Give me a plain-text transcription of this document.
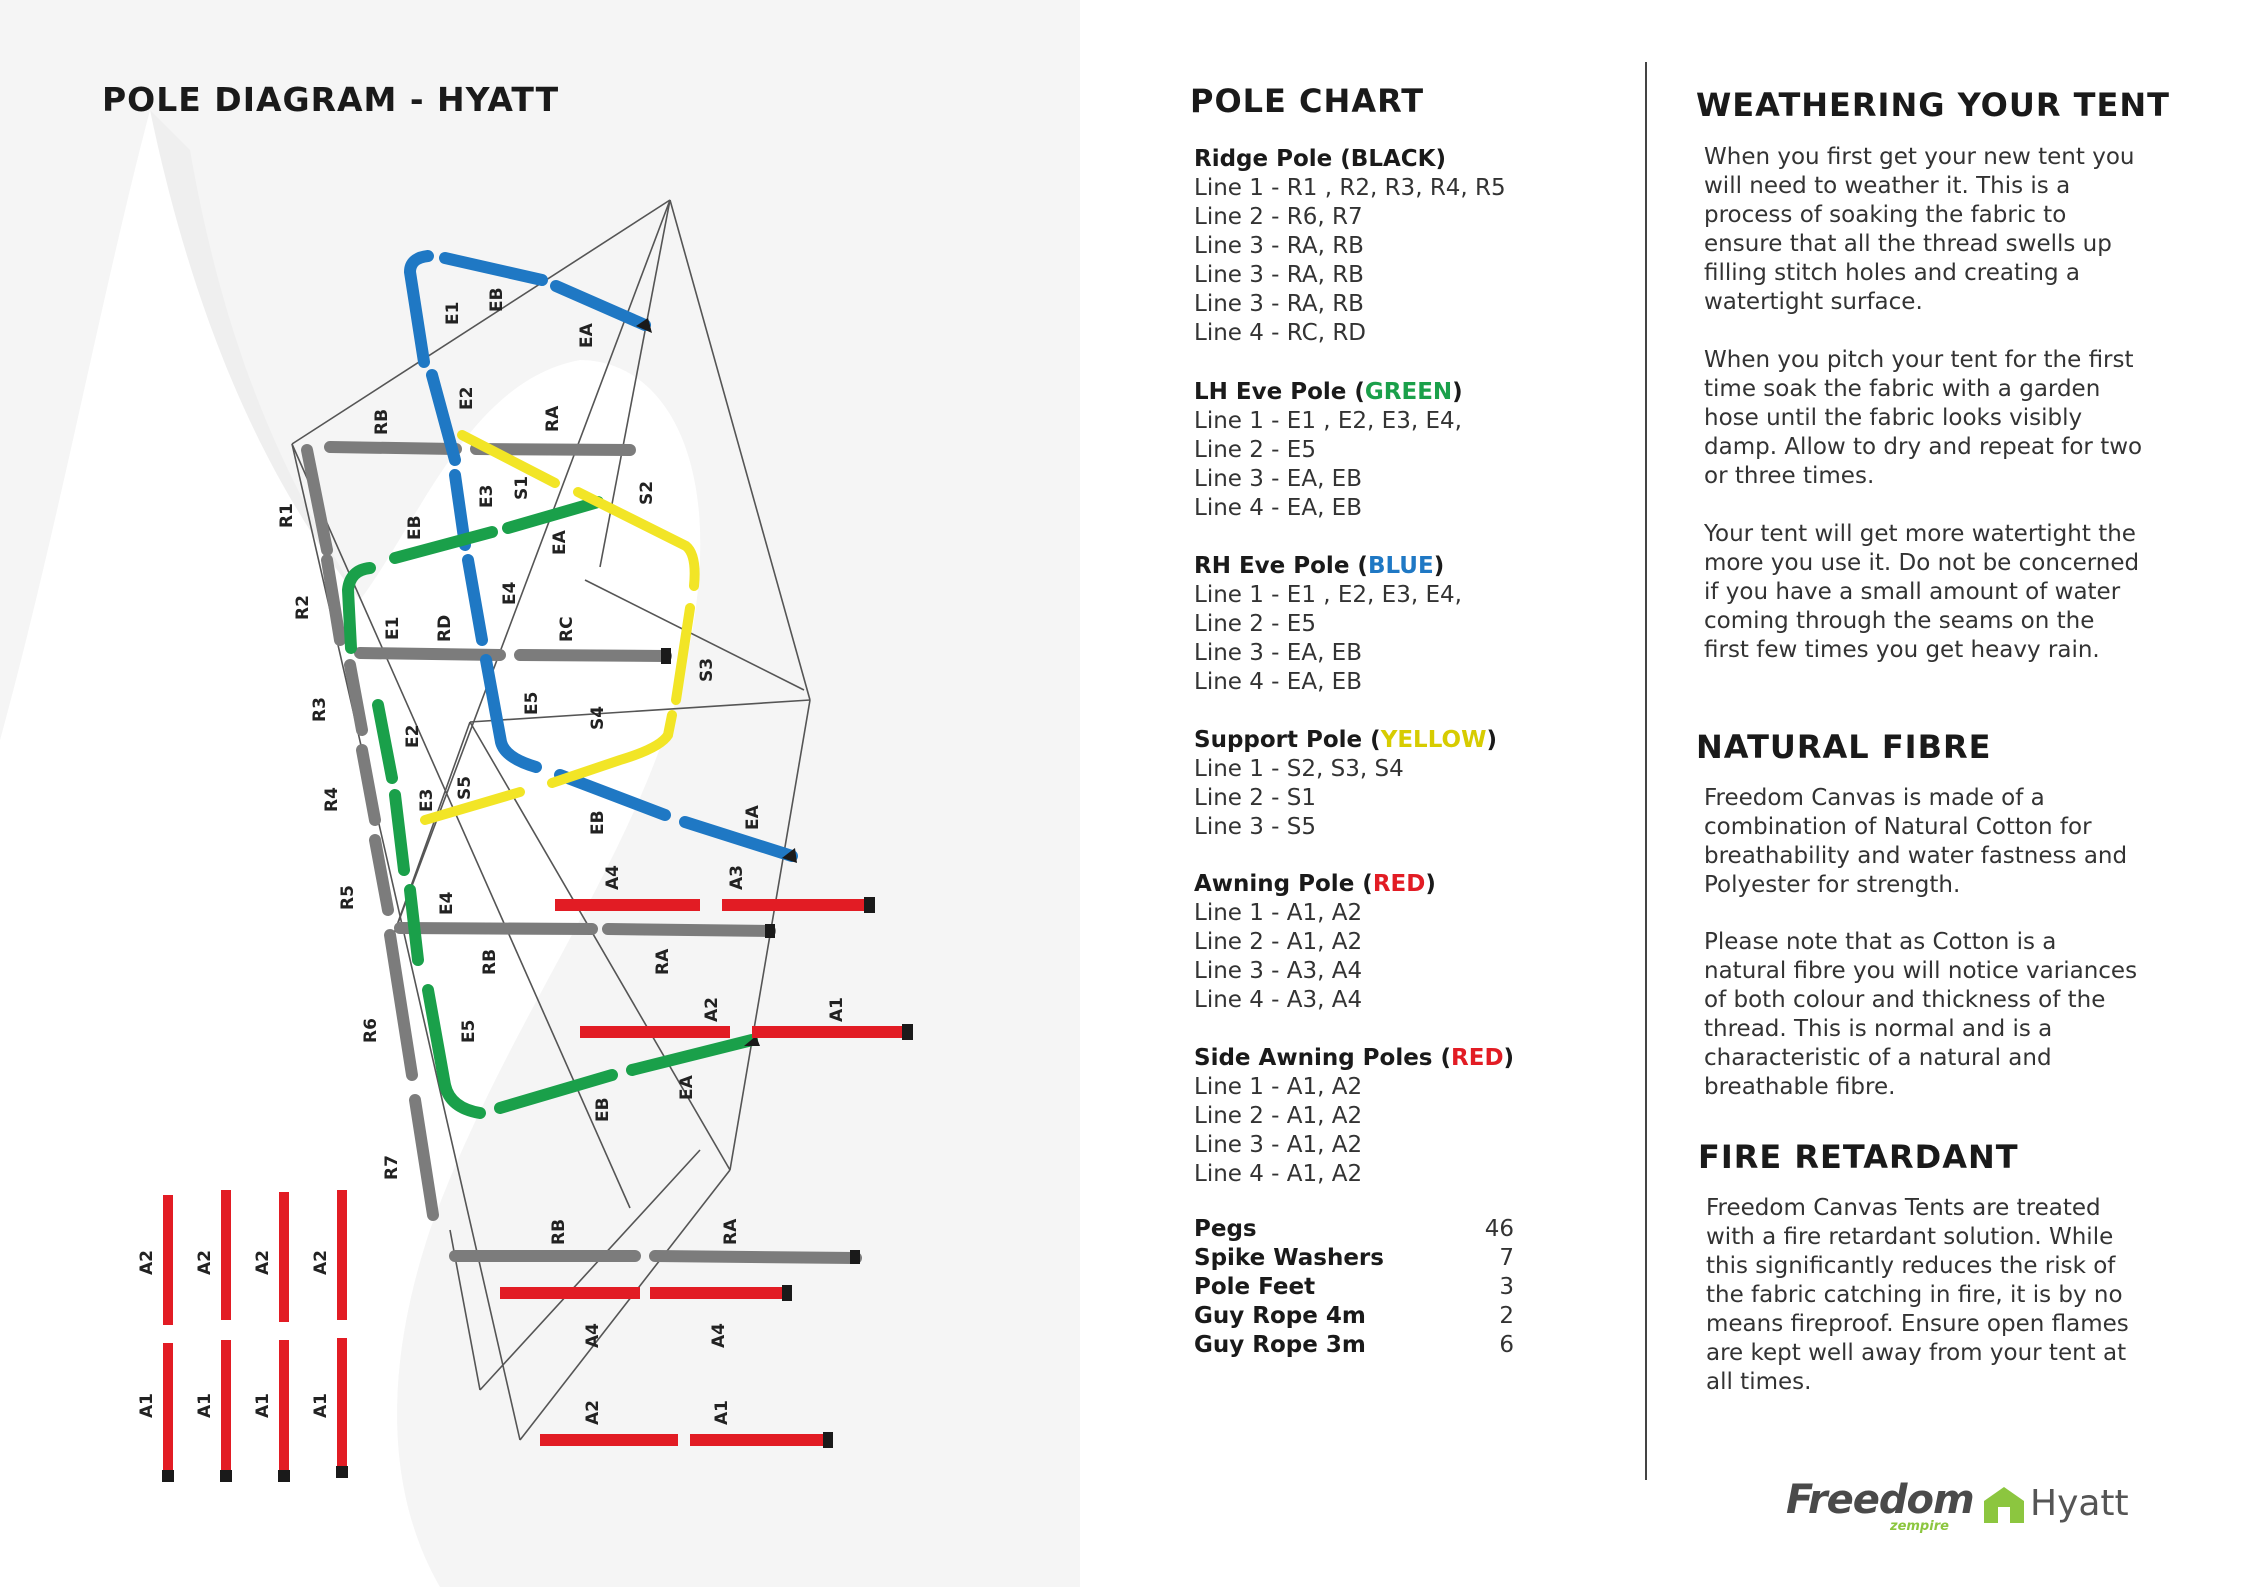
POLE DIAGRAM - HYATT
E1
EB
EA
RB
E2
RA
R1
E3 S1	S2
EB
EA
R2
E4
E1 RD	RC
S3
R3	E5
S4
E2
S5
R4	E3
EB	EA
A4	A3
R5	E4
RB	RA
A2	A1
R6	E5
EB
EA
R7
RB	RA
A4	A4
A2	A1
A2 A2 A2 A2
A1 A1 A1 A1
POLE CHART
Ridge Pole (BLACK)
Line 1 - R1 , R2, R3, R4, R5
Line 2 - R6, R7
Line 3 - RA, RB
Line 3 - RA, RB
Line 3 - RA, RB
Line 4 - RC, RD
LH Eve Pole (GREEN)
Line 1 - E1 , E2, E3, E4,
Line 2 - E5
Line 3 - EA, EB
Line 4 - EA, EB
RH Eve Pole (BLUE)
Line 1 - E1 , E2, E3, E4,
Line 2 - E5
Line 3 - EA, EB
Line 4 - EA, EB
Support Pole (YELLOW)
Line 1 - S2, S3, S4
Line 2 - S1
Line 3 - S5
Awning Pole (RED)
Line 1 - A1, A2
Line 2 - A1, A2
Line 3 - A3, A4
Line 4 - A3, A4
Side Awning Poles (RED)
Line 1 - A1, A2
Line 2 - A1, A2
Line 3 - A1, A2
Line 4 - A1, A2
Pegs	46
Spike Washers	7
Pole Feet	3
Guy Rope 4m	2
Guy Rope 3m	6
WEATHERING YOUR TENT

When you first get your new tent you will need to weather it. This is a process of soaking the fabric to ensure that all the thread swells up filling stitch holes and creating a watertight surface.

When you pitch your tent for the first time soak the fabric with a garden hose until the fabric looks visibly damp. Allow to dry and repeat for two or three times.

Your tent will get more watertight the more you use it. Do not be concerned if you have a small amount of water coming through the seams on the first few times you get heavy rain.

NATURAL FIBRE

Freedom Canvas is made of a combination of Natural Cotton for breathability and water fastness and Polyester for strength.

Please note that as Cotton is a natural fibre you will notice variances of both colour and thickness of the thread. This is normal and is a characteristic of a natural and breathable fibre.

FIRE RETARDANT

Freedom Canvas Tents are treated with a fire retardant solution. While this significantly reduces the risk of the fabric catching in fire, it is by no means fireproof. Ensure open flames are kept well away from your tent at all times.

Freedom
zempire
Hyatt
